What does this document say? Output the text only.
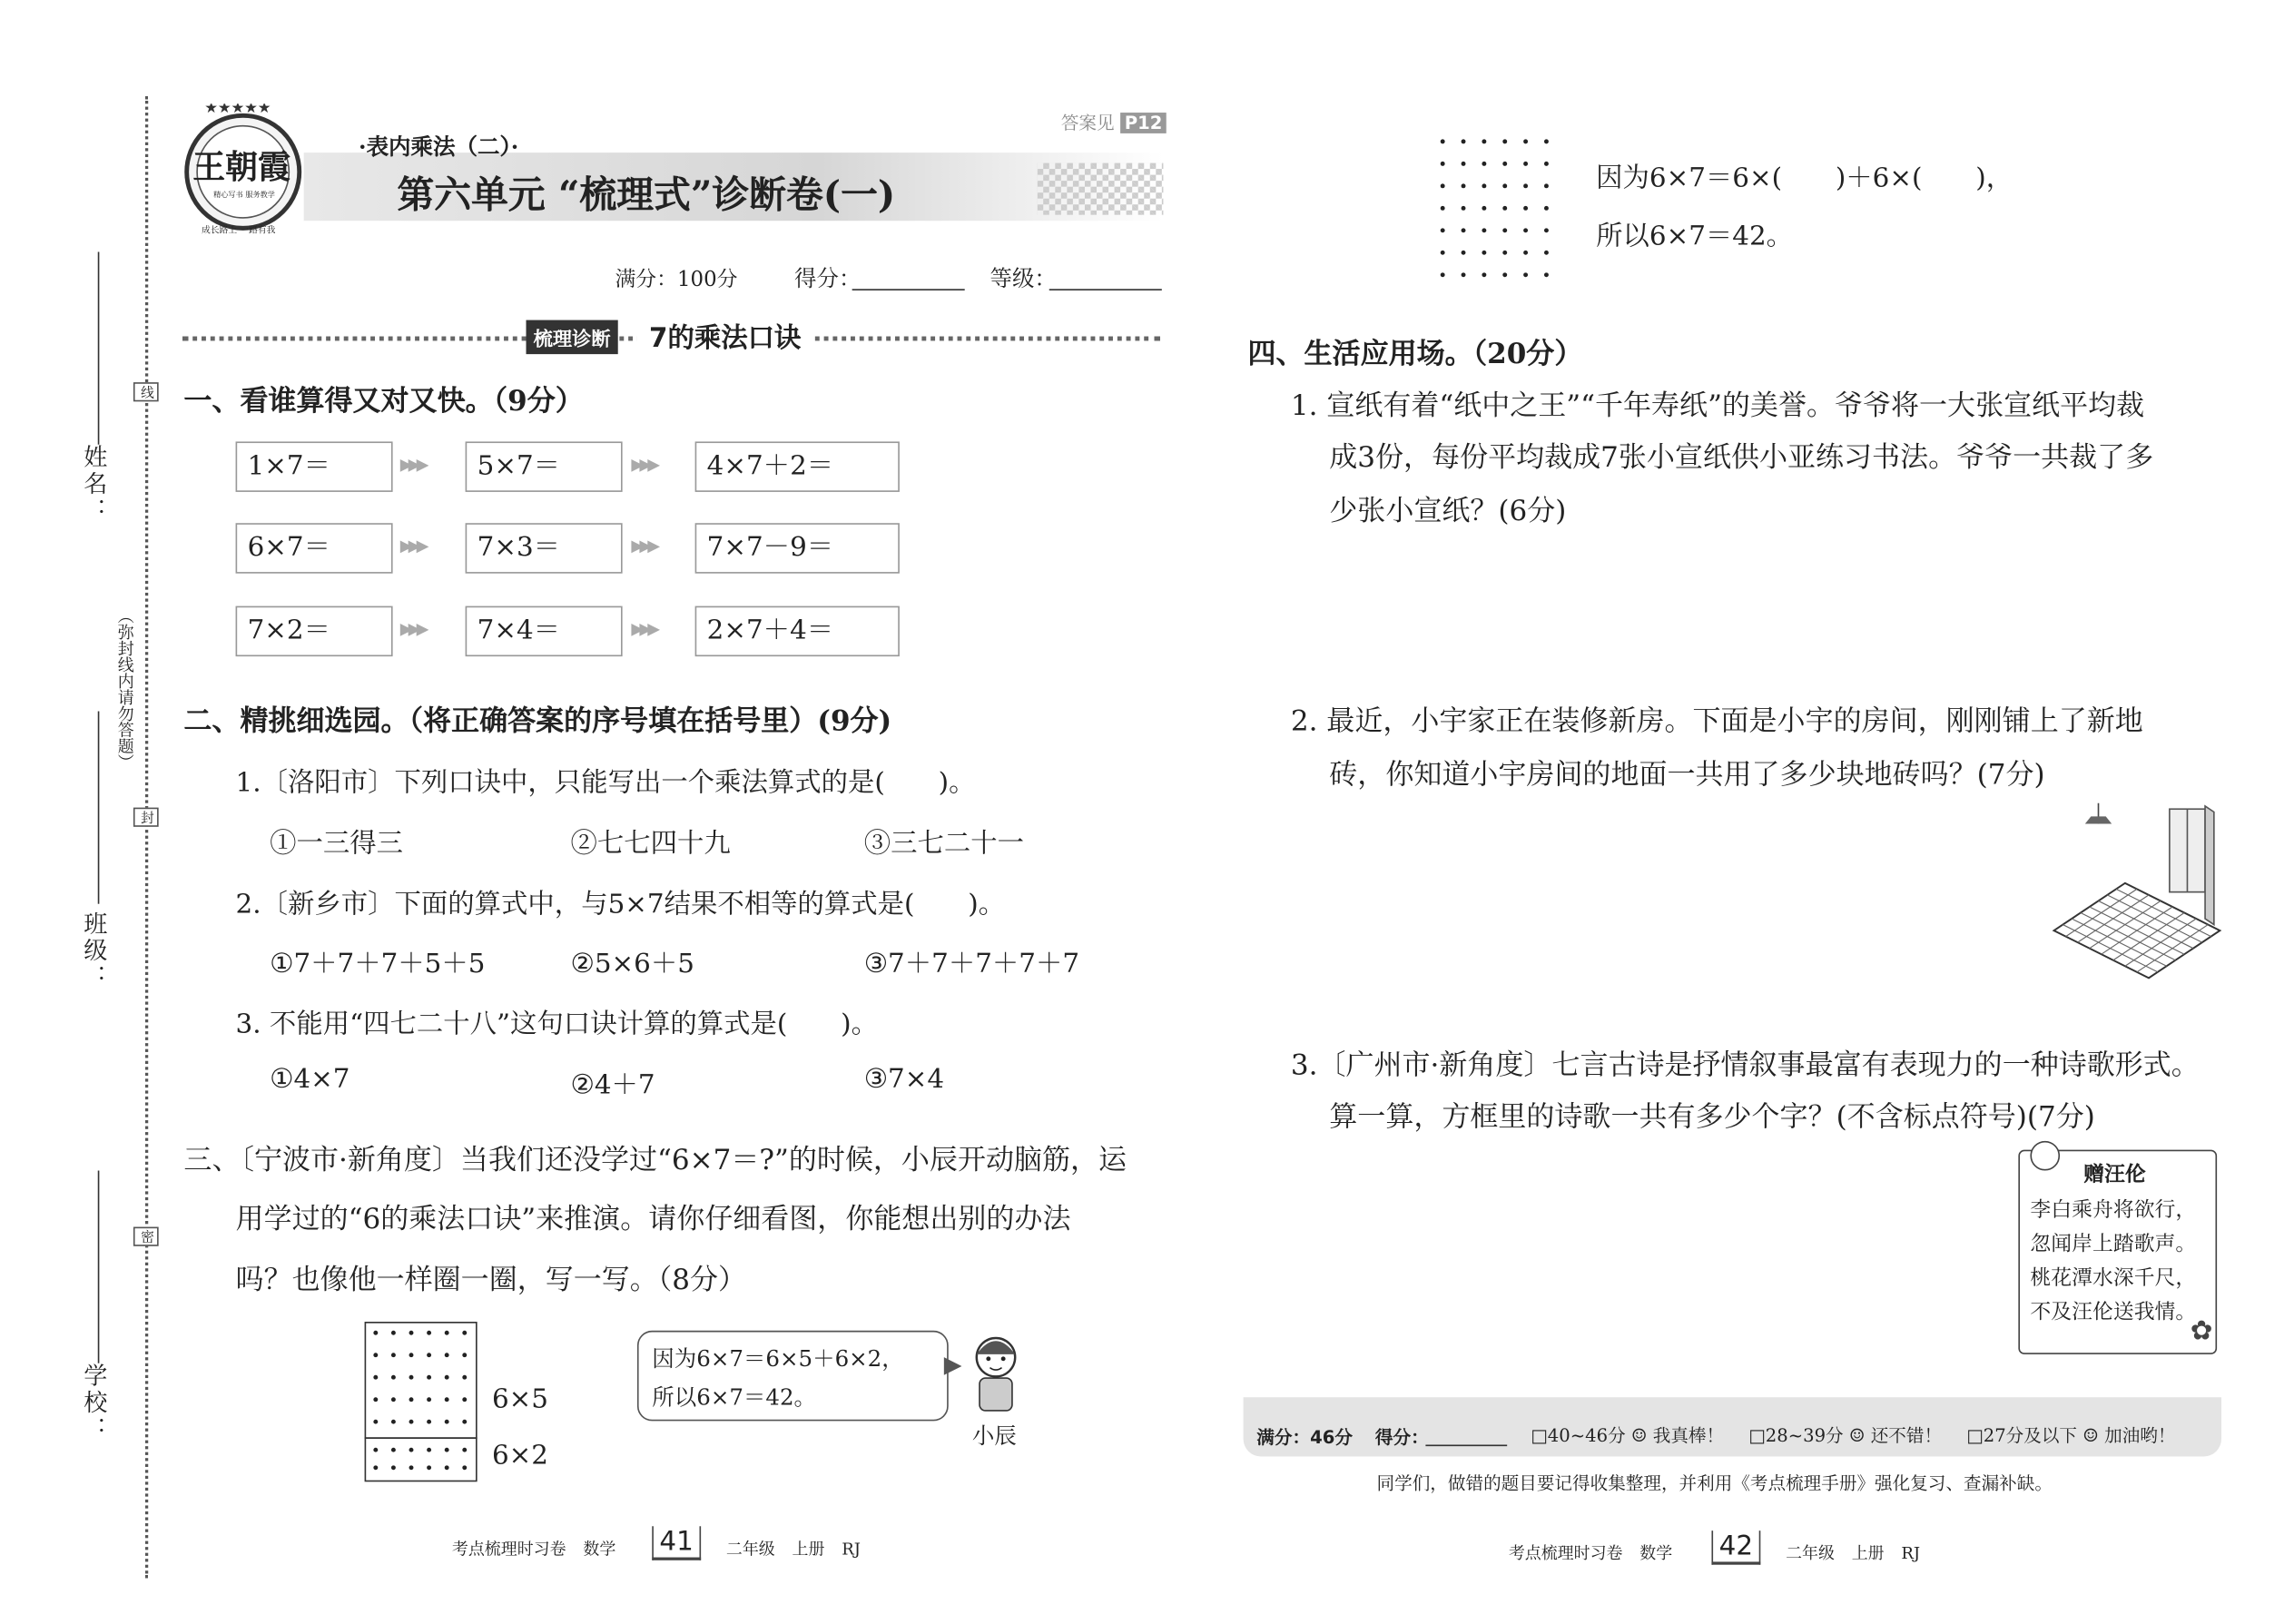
姓名：
班级：
学校：
（弥封线内请勿答题）
线
封
密
★★★★★
王朝霞
精心写书 服务教学
成长路上 一路有我
·表内乘法（二）·
第六单元 “梳理式”诊断卷(一)
答案见 P12
满分：100分	得分：	等级：
梳理诊断	7的乘法口诀
一、看谁算得又对又快。（9分）
1×7＝	▶▶▶	5×7＝	▶▶▶	4×7＋2＝
6×7＝	▶▶▶	7×3＝	▶▶▶	7×7－9＝
7×2＝	▶▶▶	7×4＝	▶▶▶	2×7＋4＝
二、精挑细选园。（将正确答案的序号填在括号里）(9分)
1.〔洛阳市〕下列口诀中，只能写出一个乘法算式的是(　　)。
①一三得三	②七七四十九	③三七二十一
2.〔新乡市〕下面的算式中，与5×7结果不相等的算式是(　　)。
①7＋7＋7＋5＋5	②5×6＋5	③7＋7＋7＋7＋7
3. 不能用“四七二十八”这句口诀计算的算式是(　　)。
①4×7	②4＋7	③7×4
三、〔宁波市·新角度〕当我们还没学过“6×7＝?”的时候，小辰开动脑筋，运
用学过的“6的乘法口诀”来推演。请你仔细看图，你能想出别的办法
吗？也像他一样圈一圈，写一写。（8分）
6×5
6×2
因为6×7＝6×5＋6×2，
所以6×7＝42。
小辰
考点梳理时习卷 数学	41	二年级 上册 RJ
因为6×7＝6×(　　)＋6×(　　)，
所以6×7＝42。
四、生活应用场。（20分）
1. 宣纸有着“纸中之王”“千年寿纸”的美誉。爷爷将一大张宣纸平均裁
成3份，每份平均裁成7张小宣纸供小亚练习书法。爷爷一共裁了多
少张小宣纸？(6分)
2. 最近，小宇家正在装修新房。下面是小宇的房间，刚刚铺上了新地
砖，你知道小宇房间的地面一共用了多少块地砖吗？(7分)
3.〔广州市·新角度〕七言古诗是抒情叙事最富有表现力的一种诗歌形式。
算一算，方框里的诗歌一共有多少个字？(不含标点符号)(7分)
赠汪伦
李白乘舟将欲行，
忽闻岸上踏歌声。
桃花潭水深千尺，
不及汪伦送我情。
✿
满分：46分 得分：	□40~46分 ☺ 我真棒！ □28~39分 ☺ 还不错！ □27分及以下 ☺ 加油哟！
同学们，做错的题目要记得收集整理，并利用《考点梳理手册》强化复习、查漏补缺。
考点梳理时习卷 数学	42	二年级 上册 RJ
